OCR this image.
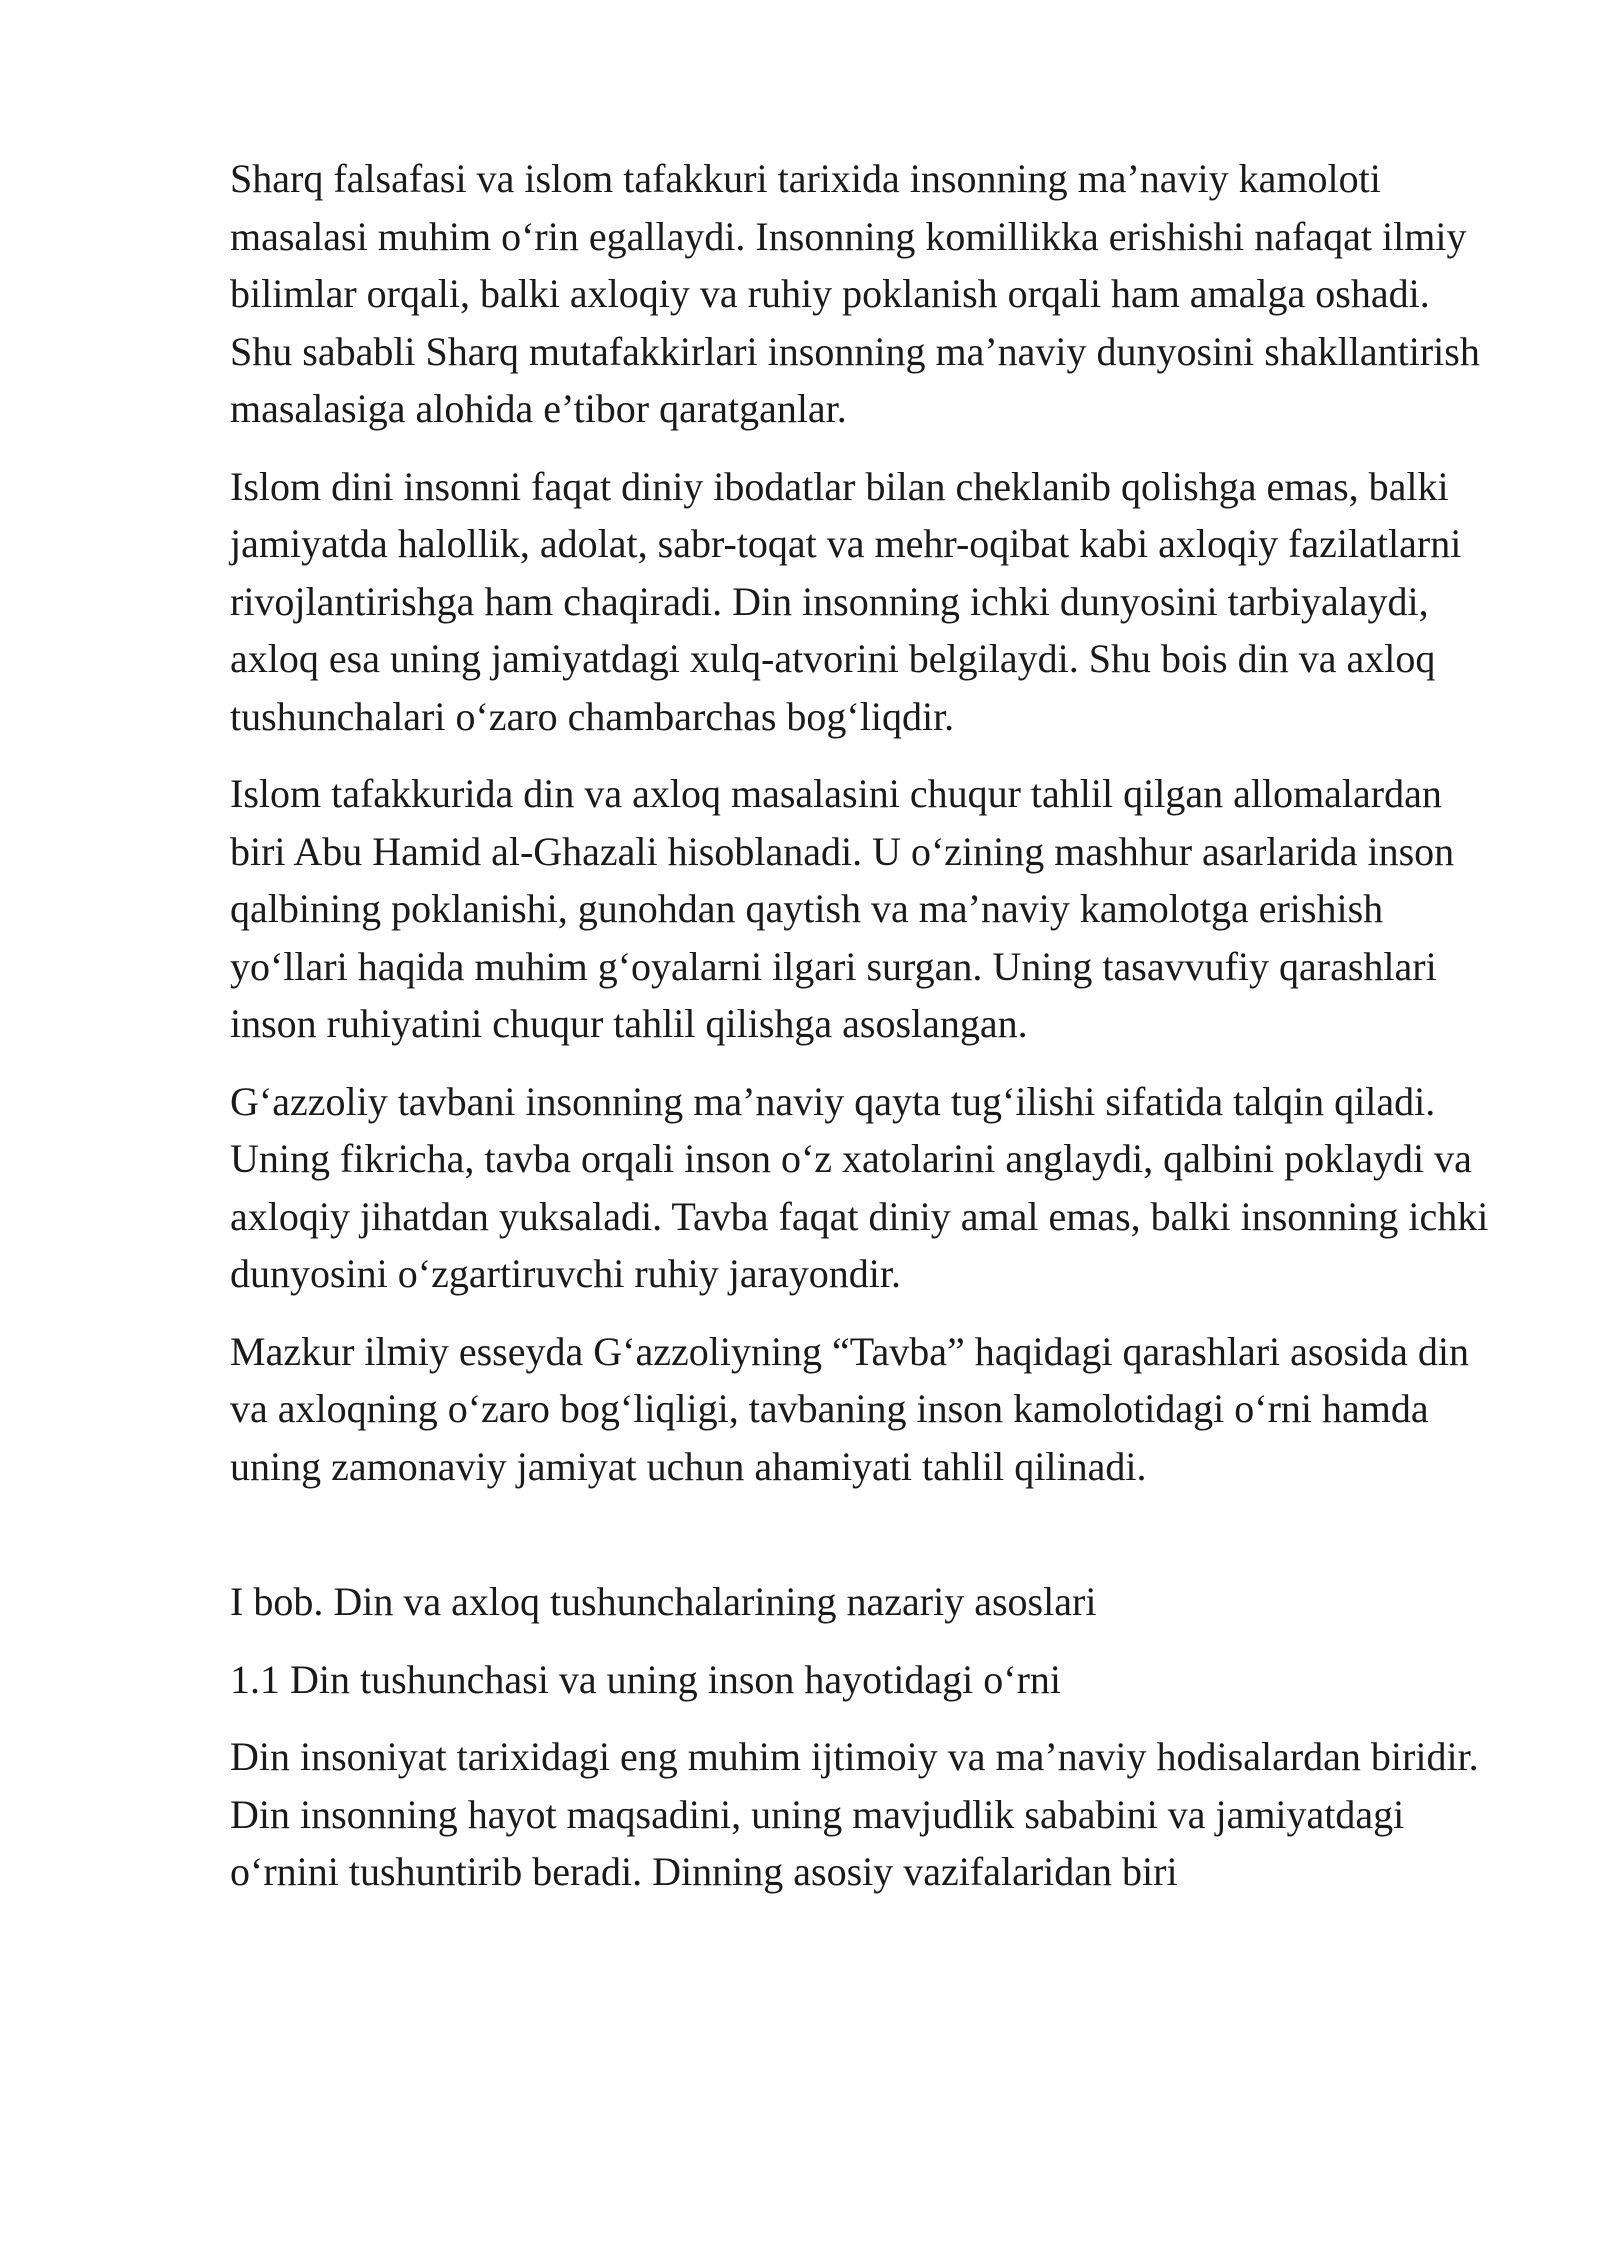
Sharq falsafasi va islom tafakkuri tarixida insonning ma’naviy kamoloti masalasi muhim o‘rin egallaydi. Insonning komillikka erishishi nafaqat ilmiy bilimlar orqali, balki axloqiy va ruhiy poklanish orqali ham amalga oshadi. Shu sababli Sharq mutafakkirlari insonning ma’naviy dunyosini shakllantirish masalasiga alohida e’tibor qaratganlar.

Islom dini insonni faqat diniy ibodatlar bilan cheklanib qolishga emas, balki jamiyatda halollik, adolat, sabr-toqat va mehr-oqibat kabi axloqiy fazilatlarni rivojlantirishga ham chaqiradi. Din insonning ichki dunyosini tarbiyalaydi, axloq esa uning jamiyatdagi xulq-atvorini belgilaydi. Shu bois din va axloq tushunchalari o‘zaro chambarchas bog‘liqdir.

Islom tafakkurida din va axloq masalasini chuqur tahlil qilgan allomalardan biri Abu Hamid al-Ghazali hisoblanadi. U o‘zining mashhur asarlarida inson qalbining poklanishi, gunohdan qaytish va ma’naviy kamolotga erishish yo‘llari haqida muhim g‘oyalarni ilgari surgan. Uning tasavvufiy qarashlari inson ruhiyatini chuqur tahlil qilishga asoslangan.

G‘azzoliy tavbani insonning ma’naviy qayta tug‘ilishi sifatida talqin qiladi. Uning fikricha, tavba orqali inson o‘z xatolarini anglaydi, qalbini poklaydi va axloqiy jihatdan yuksaladi. Tavba faqat diniy amal emas, balki insonning ichki dunyosini o‘zgartiruvchi ruhiy jarayondir.

Mazkur ilmiy esseyda G‘azzoliyning “Tavba” haqidagi qarashlari asosida din va axloqning o‘zaro bog‘liqligi, tavbaning inson kamolotidagi o‘rni hamda uning zamonaviy jamiyat uchun ahamiyati tahlil qilinadi.

I bob. Din va axloq tushunchalarining nazariy asoslari

1.1 Din tushunchasi va uning inson hayotidagi o‘rni

Din insoniyat tarixidagi eng muhim ijtimoiy va ma’naviy hodisalardan biridir. Din insonning hayot maqsadini, uning mavjudlik sababini va jamiyatdagi o‘rnini tushuntirib beradi. Dinning asosiy vazifalaridan biri
